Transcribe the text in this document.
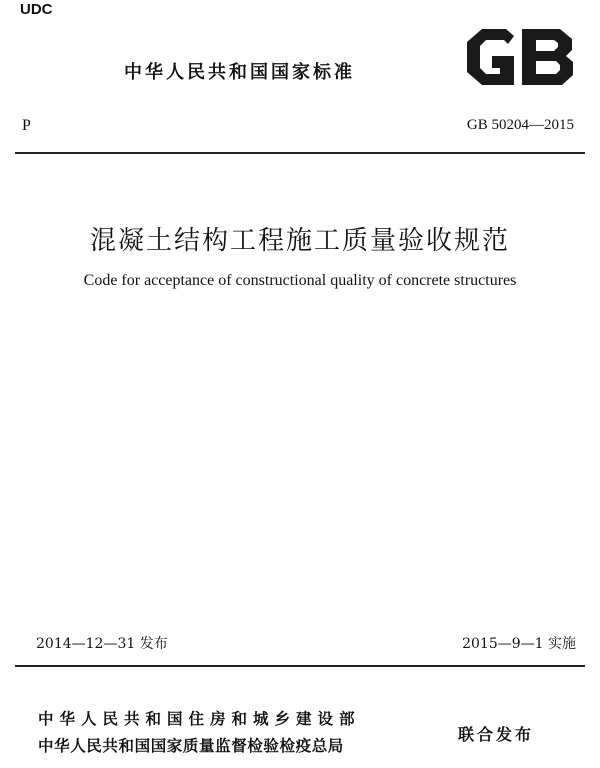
UDC
中华人民共和国国家标准
P	GB 50204—2015
混凝土结构工程施工质量验收规范
Code for acceptance of constructional quality of concrete structures
2014—12—31 发布	2015—9—1 实施
中华人民共和国住房和城乡建设部
中华人民共和国国家质量监督检验检疫总局
联合发布
